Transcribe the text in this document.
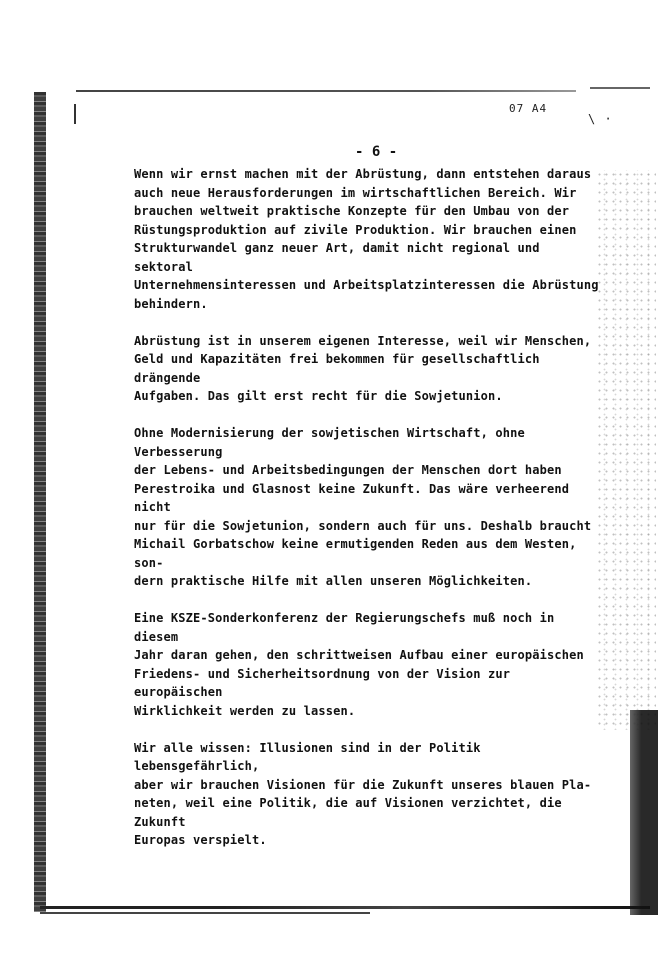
\ ·
07 A4
- 6 -

Wenn wir ernst machen mit der Abrüstung, dann entstehen daraus
auch neue Herausforderungen im wirtschaftlichen Bereich. Wir
brauchen weltweit praktische Konzepte für den Umbau von der
Rüstungsproduktion auf zivile Produktion. Wir brauchen einen
Strukturwandel ganz neuer Art, damit nicht regional und sektoral
Unternehmensinteressen und Arbeitsplatzinteressen die Abrüstung
behindern.

Abrüstung ist in unserem eigenen Interesse, weil wir Menschen,
Geld und Kapazitäten frei bekommen für gesellschaftlich drängende
Aufgaben. Das gilt erst recht für die Sowjetunion.

Ohne Modernisierung der sowjetischen Wirtschaft, ohne Verbesserung
der Lebens- und Arbeitsbedingungen der Menschen dort haben
Perestroika und Glasnost keine Zukunft. Das wäre verheerend nicht
nur für die Sowjetunion, sondern auch für uns. Deshalb braucht
Michail Gorbatschow keine ermutigenden Reden aus dem Westen, son-
dern praktische Hilfe mit allen unseren Möglichkeiten.

Eine KSZE-Sonderkonferenz der Regierungschefs muß noch in diesem
Jahr daran gehen, den schrittweisen Aufbau einer europäischen
Friedens- und Sicherheitsordnung von der Vision zur europäischen
Wirklichkeit werden zu lassen.

Wir alle wissen: Illusionen sind in der Politik lebensgefährlich,
aber wir brauchen Visionen für die Zukunft unseres blauen Pla-
neten, weil eine Politik, die auf Visionen verzichtet, die Zukunft
Europas verspielt.
